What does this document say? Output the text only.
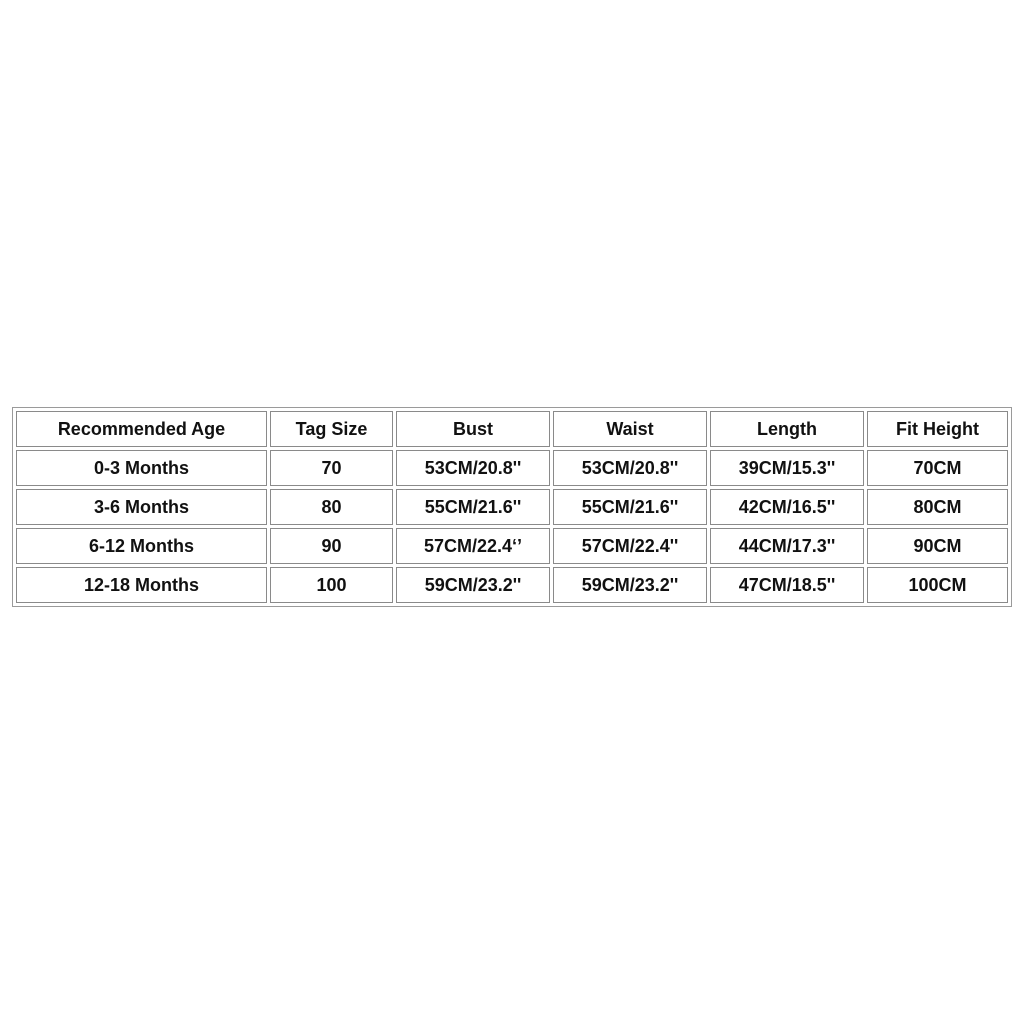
Recommended Age	Tag Size	Bust	Waist	Length	Fit Height
0-3 Months	70	53CM/20.8''	53CM/20.8''	39CM/15.3''	70CM
3-6 Months	80	55CM/21.6''	55CM/21.6''	42CM/16.5''	80CM
6-12 Months	90	57CM/22.4‘’	57CM/22.4''	44CM/17.3''	90CM
12-18 Months	100	59CM/23.2''	59CM/23.2''	47CM/18.5''	100CM
